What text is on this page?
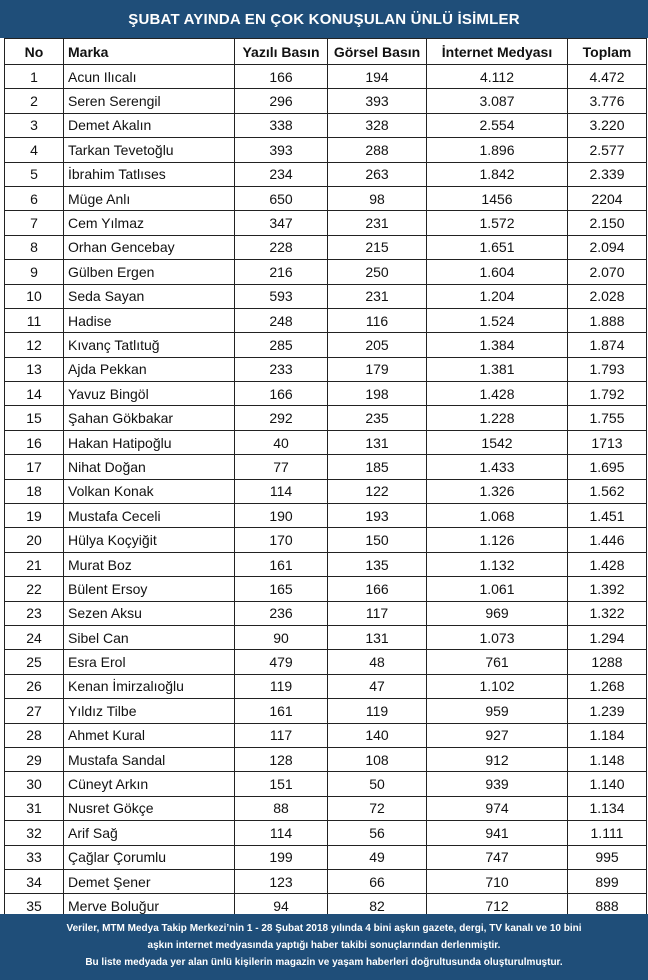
ŞUBAT AYINDA EN ÇOK KONUŞULAN ÜNLÜ İSİMLER
No	Marka	Yazılı Basın	Görsel Basın	İnternet Medyası	Toplam
1	Acun Ilıcalı	166	194	4.112	4.472
2	Seren Serengil	296	393	3.087	3.776
3	Demet Akalın	338	328	2.554	3.220
4	Tarkan Tevetoğlu	393	288	1.896	2.577
5	İbrahim Tatlıses	234	263	1.842	2.339
6	Müge Anlı	650	98	1456	2204
7	Cem Yılmaz	347	231	1.572	2.150
8	Orhan Gencebay	228	215	1.651	2.094
9	Gülben Ergen	216	250	1.604	2.070
10	Seda Sayan	593	231	1.204	2.028
11	Hadise	248	116	1.524	1.888
12	Kıvanç Tatlıtuğ	285	205	1.384	1.874
13	Ajda Pekkan	233	179	1.381	1.793
14	Yavuz Bingöl	166	198	1.428	1.792
15	Şahan Gökbakar	292	235	1.228	1.755
16	Hakan Hatipoğlu	40	131	1542	1713
17	Nihat Doğan	77	185	1.433	1.695
18	Volkan Konak	114	122	1.326	1.562
19	Mustafa Ceceli	190	193	1.068	1.451
20	Hülya Koçyiğit	170	150	1.126	1.446
21	Murat Boz	161	135	1.132	1.428
22	Bülent Ersoy	165	166	1.061	1.392
23	Sezen Aksu	236	117	969	1.322
24	Sibel Can	90	131	1.073	1.294
25	Esra Erol	479	48	761	1288
26	Kenan İmirzalıoğlu	119	47	1.102	1.268
27	Yıldız Tilbe	161	119	959	1.239
28	Ahmet Kural	117	140	927	1.184
29	Mustafa Sandal	128	108	912	1.148
30	Cüneyt Arkın	151	50	939	1.140
31	Nusret Gökçe	88	72	974	1.134
32	Arif Sağ	114	56	941	1.111
33	Çağlar Çorumlu	199	49	747	995
34	Demet Şener	123	66	710	899
35	Merve Boluğur	94	82	712	888
Veriler, MTM Medya Takip Merkezi’nin 1 - 28 Şubat 2018 yılında 4 bini aşkın gazete, dergi, TV kanalı ve 10 bini
aşkın internet medyasında yaptığı haber takibi sonuçlarından derlenmiştir.
Bu liste medyada yer alan ünlü kişilerin magazin ve yaşam haberleri doğrultusunda oluşturulmuştur.
